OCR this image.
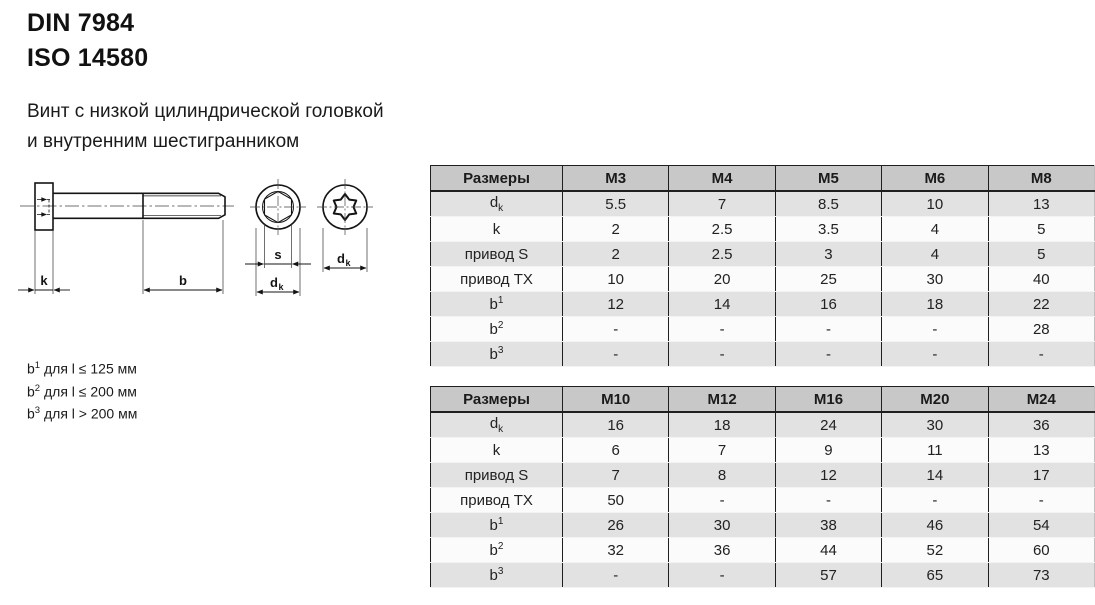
DIN 7984
ISO 14580
Винт с низкой цилиндрической головкой
и внутренним шестигранником
k	b
s
d k
d k
$b^1$ для l ≤ 125 мм
$b^2$ для l ≤ 200 мм
$b^3$ для l > 200 мм
Размеры	M3	M4	M5	M6	M8
$d_k$	5.5	7	8.5	10	13
k	2	2.5	3.5	4	5
привод S	2	2.5	3	4	5
привод TX	10	20	25	30	40
$b^1$	12	14	16	18	22
$b^2$	-	-	-	-	28
$b^3$	-	-	-	-	-
Размеры	M10	M12	M16	M20	M24
$d_k$	16	18	24	30	36
k	6	7	9	11	13
привод S	7	8	12	14	17
привод TX	50	-	-	-	-
$b^1$	26	30	38	46	54
$b^2$	32	36	44	52	60
$b^3$	-	-	57	65	73
